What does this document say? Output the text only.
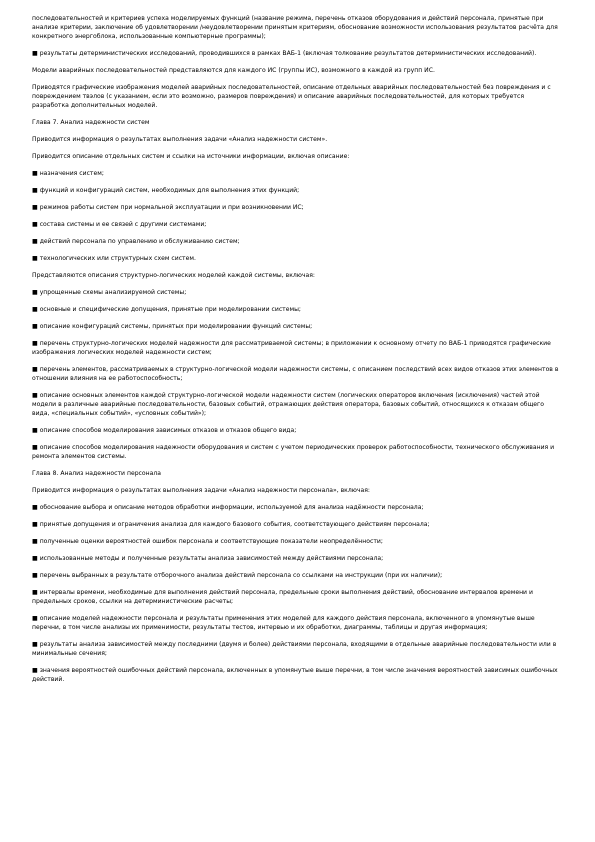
последовательностей и критериев успеха моделируемых функций (название режима, перечень отказов оборудования и действий персонала, принятые при анализе критерии, заключение об удовлетворении /неудовлетворении принятым критериям, обоснование возможности использования результатов расчёта для конкретного энергоблока, использованные компьютерные программы);

■ результаты детерминистических исследований, проводившихся в рамках ВАБ-1 (включая толкование результатов детерминистических исследований).

Модели аварийных последовательностей представляются для каждого ИС (группы ИС), возможного в каждой из групп ИС.

Приводятся графические изображения моделей аварийных последовательностей, описание отдельных аварийных последовательностей без повреждения и с повреждением твэлов (с указанием, если это возможно, размеров повреждения) и описание аварийных последовательностей, для которых требуется разработка дополнительных моделей.

Глава 7. Анализ надежности систем

Приводится информация о результатах выполнения задачи «Анализ надежности систем».

Приводится описание отдельных систем и ссылки на источники информации, включая описание:

■ назначения систем;

■ функций и конфигураций систем, необходимых для выполнения этих функций;

■ режимов работы систем при нормальной эксплуатации и при возникновении ИС;

■ состава системы и ее связей с другими системами;

■ действий персонала по управлению и обслуживанию систем;

■ технологических или структурных схем систем.

Представляются описания структурно-логических моделей каждой системы, включая:

■ упрощенные схемы анализируемой системы;

■ основные и специфические допущения, принятые при моделировании системы;

■ описание конфигураций системы, принятых при моделировании функций системы;

■ перечень структурно-логических моделей надежности для рассматриваемой системы; в приложении к основному отчету по ВАБ-1 приводятся графические изображения логических моделей надежности систем;

■ перечень элементов, рассматриваемых в структурно-логической модели надежности системы, с описанием последствий всех видов отказов этих элементов в отношении влияния на ее работоспособность;

■ описание основных элементов каждой структурно-логической модели надежности систем (логических операторов включения (исключения) частей этой модели в различные аварийные последовательности, базовых событий, отражающих действия оператора, базовых событий, относящихся к отказам общего вида, «специальных событий», «условных событий»);

■ описание способов моделирования зависимых отказов и отказов общего вида;

■ описание способов моделирования надежности оборудования и систем с учетом периодических проверок работоспособности, технического обслуживания и ремонта элементов системы.

Глава 8. Анализ надежности персонала

Приводится информация о результатах выполнения задачи «Анализ надежности персонала», включая:

■ обоснование выбора и описание методов обработки информации, используемой для анализа надёжности персонала;

■ принятые допущения и ограничения анализа для каждого базового события, соответствующего действиям персонала;

■ полученные оценки вероятностей ошибок персонала и соответствующие показатели неопределённости;

■ использованные методы и полученные результаты анализа зависимостей между действиями персонала;

■ перечень выбранных в результате отборочного анализа действий персонала со ссылками на инструкции (при их наличии);

■ интервалы времени, необходимые для выполнения действий персонала, предельные сроки выполнения действий, обоснование интервалов времени и предельных сроков, ссылки на детерминистические расчеты;

■ описание моделей надежности персонала и результаты применения этих моделей для каждого действия персонала, включенного в упомянутые выше перечни, в том числе анализы их применимости, результаты тестов, интервью и их обработки, диаграммы, таблицы и другая информация;

■ результаты анализа зависимостей между последними (двумя и более) действиями персонала, входящими в отдельные аварийные последовательности или в минимальные сечения;

■ значения вероятностей ошибочных действий персонала, включенных в упомянутые выше перечни, в том числе значения вероятностей зависимых ошибочных действий.
